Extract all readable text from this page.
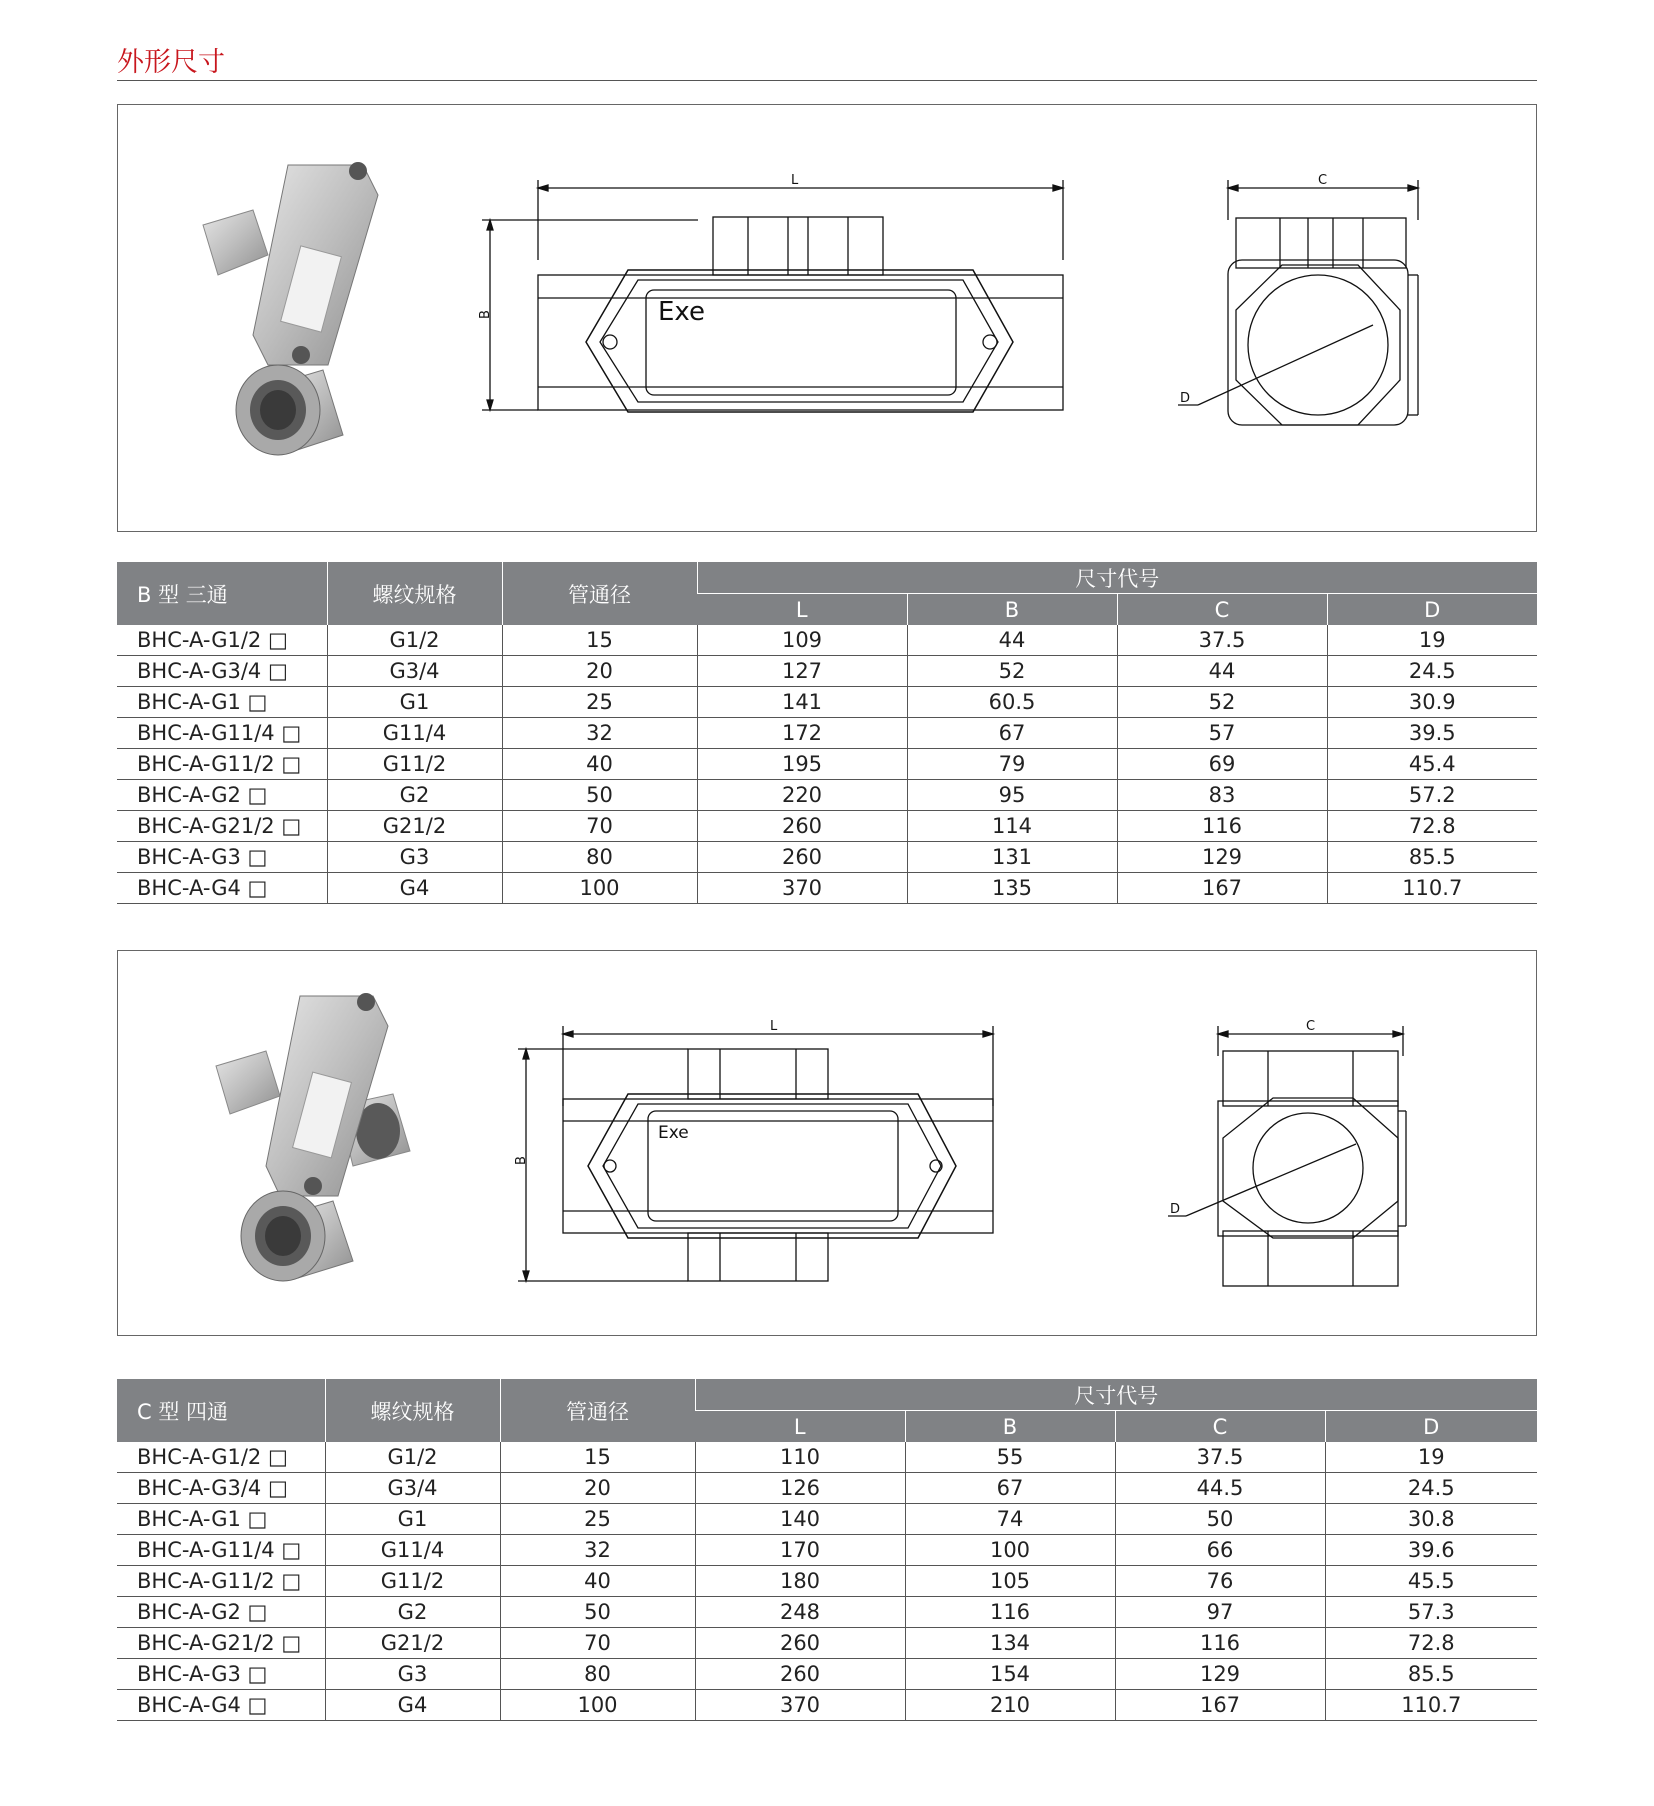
外形尺寸
Exe
L
B
C
D
B 型 三通	螺纹规格	管通径	尺寸代号			
			L	B	C	D
BHC-A-G1/2 □	G1/2	15	109	44	37.5	19
BHC-A-G3/4 □	G3/4	20	127	52	44	24.5
BHC-A-G1 □	G1	25	141	60.5	52	30.9
BHC-A-G11/4 □	G11/4	32	172	67	57	39.5
BHC-A-G11/2 □	G11/2	40	195	79	69	45.4
BHC-A-G2 □	G2	50	220	95	83	57.2
BHC-A-G21/2 □	G21/2	70	260	114	116	72.8
BHC-A-G3 □	G3	80	260	131	129	85.5
BHC-A-G4 □	G4	100	370	135	167	110.7
Exe
L
B
C
D
C 型 四通	螺纹规格	管通径	尺寸代号			
			L	B	C	D
BHC-A-G1/2 □	G1/2	15	110	55	37.5	19
BHC-A-G3/4 □	G3/4	20	126	67	44.5	24.5
BHC-A-G1 □	G1	25	140	74	50	30.8
BHC-A-G11/4 □	G11/4	32	170	100	66	39.6
BHC-A-G11/2 □	G11/2	40	180	105	76	45.5
BHC-A-G2 □	G2	50	248	116	97	57.3
BHC-A-G21/2 □	G21/2	70	260	134	116	72.8
BHC-A-G3 □	G3	80	260	154	129	85.5
BHC-A-G4 □	G4	100	370	210	167	110.7
